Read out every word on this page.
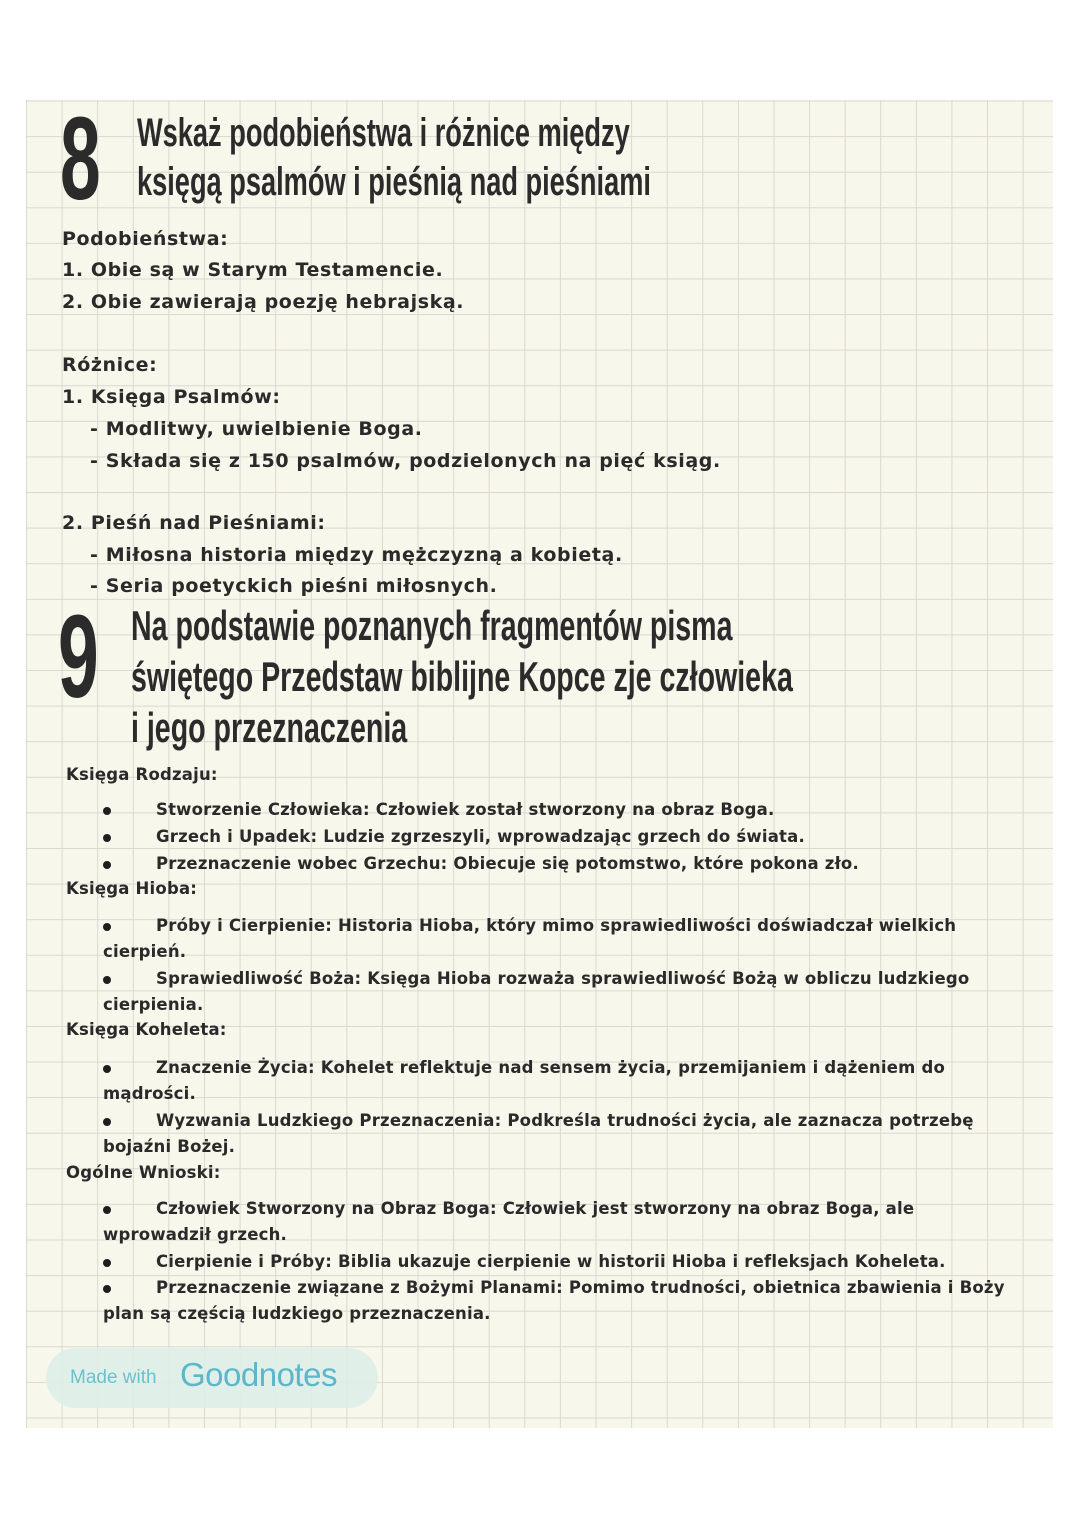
8 Wskaż podobieństwa i różnice między
księgą psalmów i pieśnią nad pieśniami
Podobieństwa:
1. Obie są w Starym Testamencie.
2. Obie zawierają poezję hebrajską.
Różnice:
1. Księga Psalmów:
- Modlitwy, uwielbienie Boga.
- Składa się z 150 psalmów, podzielonych na pięć ksiąg.
2. Pieśń nad Pieśniami:
- Miłosna historia między mężczyzną a kobietą.
- Seria poetyckich pieśni miłosnych.
9 Na podstawie poznanych fragmentów pisma
świętego Przedstaw biblijne Kopce zje człowieka
i jego przeznaczenia
Księga Rodzaju:
Stworzenie Człowieka: Człowiek został stworzony na obraz Boga.
Grzech i Upadek: Ludzie zgrzeszyli, wprowadzając grzech do świata.
Przeznaczenie wobec Grzechu: Obiecuje się potomstwo, które pokona zło.
Księga Hioba:
Próby i Cierpienie: Historia Hioba, który mimo sprawiedliwości doświadczał wielkich
cierpień.
Sprawiedliwość Boża: Księga Hioba rozważa sprawiedliwość Bożą w obliczu ludzkiego
cierpienia.
Księga Koheleta:
Znaczenie Życia: Kohelet reflektuje nad sensem życia, przemijaniem i dążeniem do
mądrości.
Wyzwania Ludzkiego Przeznaczenia: Podkreśla trudności życia, ale zaznacza potrzebę
bojaźni Bożej.
Ogólne Wnioski:
Człowiek Stworzony na Obraz Boga: Człowiek jest stworzony na obraz Boga, ale
wprowadził grzech.
Cierpienie i Próby: Biblia ukazuje cierpienie w historii Hioba i refleksjach Koheleta.
Przeznaczenie związane z Bożymi Planami: Pomimo trudności, obietnica zbawienia i Boży
plan są częścią ludzkiego przeznaczenia.
Made with Goodnotes
